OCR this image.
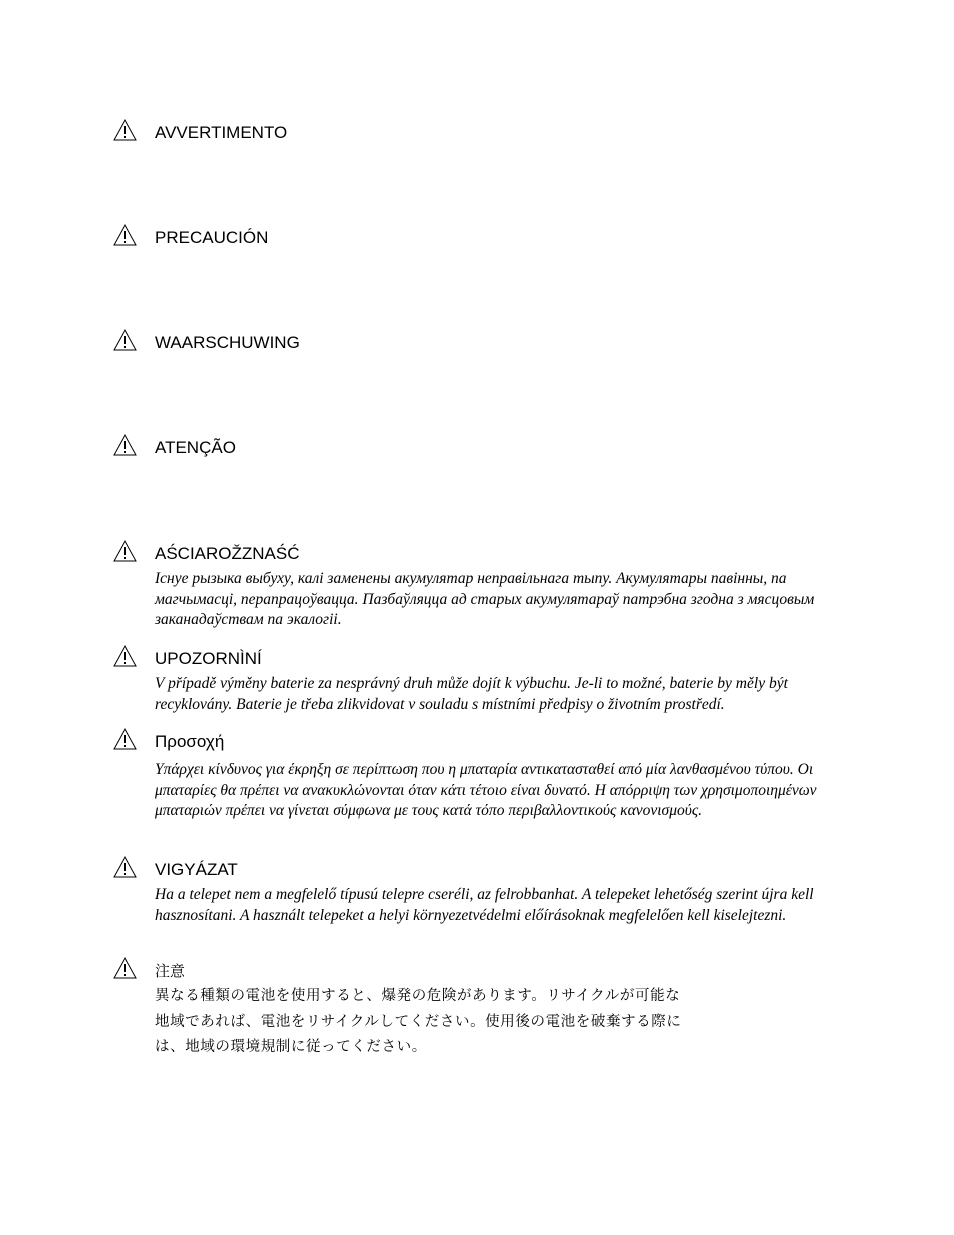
AVVERTIMENTO
PRECAUCIÓN
WAARSCHUWING
ATENÇÃO
AŚCIAROŽZNAŚĆ
Існуе рызыка выбуху, калі заменены акумулятар неправільнага тыпу. Акумулятары павінны, па магчымасці, перапрацоўвацца. Пазбаўляцца ад старых акумулятараў патрэбна згодна з мясцовым заканадаўствам па экалогіі.
UPOZORNÌNÍ
V případě výměny baterie za nesprávný druh může dojít k výbuchu. Je-li to možné, baterie by měly být recyklovány. Baterie je třeba zlikvidovat v souladu s místními předpisy o životním prostředí.
Προσοχή
Υπάρχει κίνδυνος για έκρηξη σε περίπτωση που η μπαταρία αντικατασταθεί από μία λανθασμένου τύπου. Οι μπαταρίες θα πρέπει να ανακυκλώνονται όταν κάτι τέτοιο είναι δυνατό. Η απόρριψη των χρησιμοποιημένων μπαταριών πρέπει να γίνεται σύμφωνα με τους κατά τόπο περιβαλλοντικούς κανονισμούς.
VIGYÁZAT
Ha a telepet nem a megfelelő típusú telepre cseréli, az felrobbanhat. A telepeket lehetőség szerint újra kell hasznosítani. A használt telepeket a helyi környezetvédelmi előírásoknak megfelelően kell kiselejtezni.
注意
異なる種類の電池を使用すると、爆発の危険があります。リサイクルが可能な地域であれば、電池をリサイクルしてください。使用後の電池を破棄する際には、地域の環境規制に従ってください。
